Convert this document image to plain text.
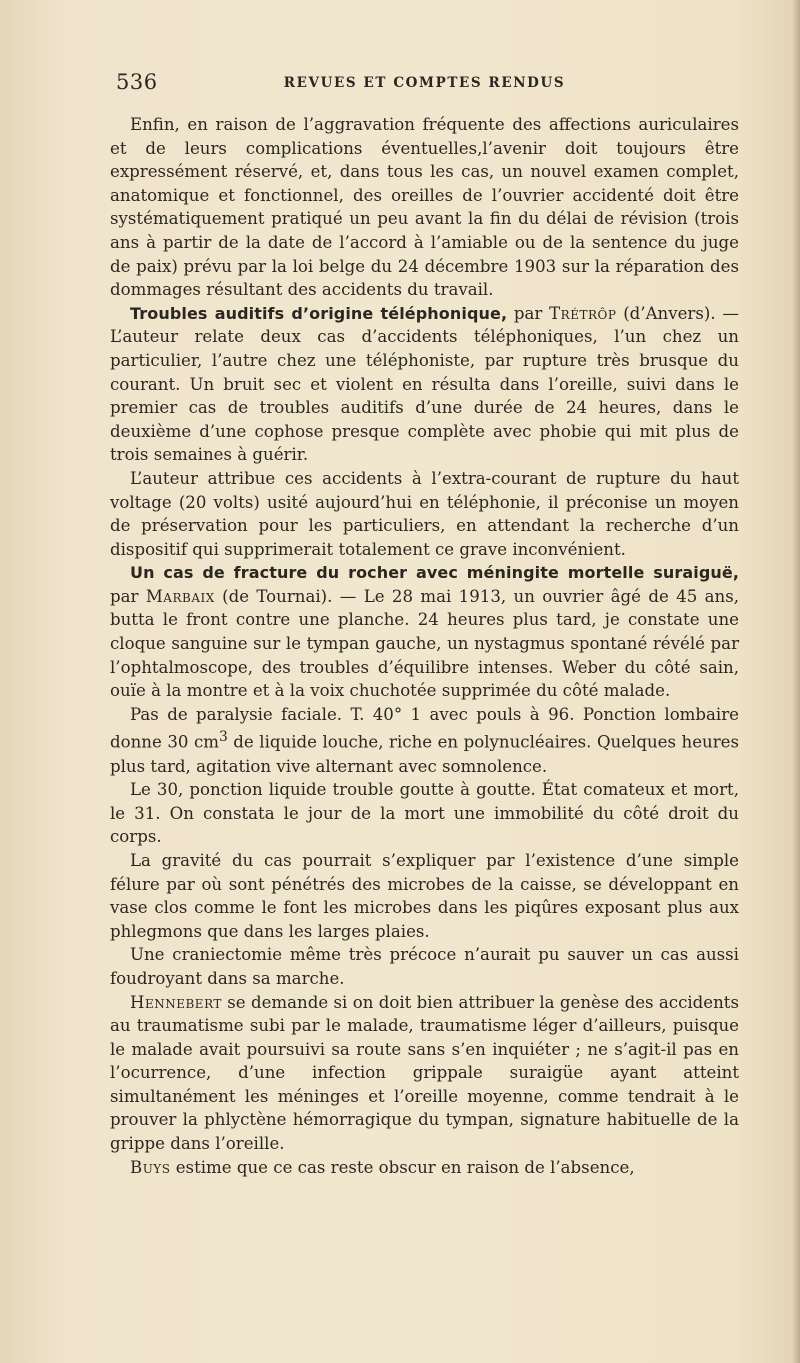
536	REVUES ET COMPTES RENDUS

Enfin, en raison de l’aggravation fréquente des affections auriculaires et de leurs complications éventuelles,l’avenir doit toujours être expressément réservé, et, dans tous les cas, un nouvel examen complet, anatomique et fonctionnel, des oreilles de l’ouvrier accidenté doit être systématiquement pratiqué un peu avant la fin du délai de révision (trois ans à partir de la date de l’accord à l’amiable ou de la sentence du juge de paix) prévu par la loi belge du 24 décembre 1903 sur la réparation des dommages résultant des accidents du travail.

Troubles auditifs d’origine téléphonique, par Trétrôp (d’Anvers). — L’auteur relate deux cas d’accidents téléphoniques, l’un chez un particulier, l’autre chez une téléphoniste, par rupture très brusque du courant. Un bruit sec et violent en résulta dans l’oreille, suivi dans le premier cas de troubles auditifs d’une durée de 24 heures, dans le deuxième d’une cophose presque complète avec phobie qui mit plus de trois semaines à guérir.

L’auteur attribue ces accidents à l’extra-courant de rupture du haut voltage (20 volts) usité aujourd’hui en téléphonie, il préconise un moyen de préservation pour les particuliers, en attendant la recherche d’un dispositif qui supprimerait totalement ce grave inconvénient.

Un cas de fracture du rocher avec méningite mortelle suraiguë, par Marbaix (de Tournai). — Le 28 mai 1913, un ouvrier âgé de 45 ans, butta le front contre une planche. 24 heures plus tard, je constate une cloque sanguine sur le tympan gauche, un nystagmus spontané révélé par l’ophtalmoscope, des troubles d’équilibre intenses. Weber du côté sain, ouïe à la montre et à la voix chuchotée supprimée du côté malade.

Pas de paralysie faciale. T. 40° 1 avec pouls à 96. Ponction lombaire donne 30 $cm^3$ de liquide louche, riche en polynucléaires. Quelques heures plus tard, agitation vive alternant avec somnolence.

Le 30, ponction liquide trouble goutte à goutte. État comateux et mort, le 31. On constata le jour de la mort une immobilité du côté droit du corps.

La gravité du cas pourrait s’expliquer par l’existence d’une simple félure par où sont pénétrés des microbes de la caisse, se développant en vase clos comme le font les microbes dans les piqûres exposant plus aux phlegmons que dans les larges plaies.

Une craniectomie même très précoce n’aurait pu sauver un cas aussi foudroyant dans sa marche.

Hennebert se demande si on doit bien attribuer la genèse des accidents au traumatisme subi par le malade, traumatisme léger d’ailleurs, puisque le malade avait poursuivi sa route sans s’en inquiéter ; ne s’agit-il pas en l’ocurrence, d’une infection grippale suraigüe ayant atteint simultanément les méninges et l’oreille moyenne, comme tendrait à le prouver la phlyctène hémorragique du tympan, signature habituelle de la grippe dans l’oreille.

Buys estime que ce cas reste obscur en raison de l’absence,
